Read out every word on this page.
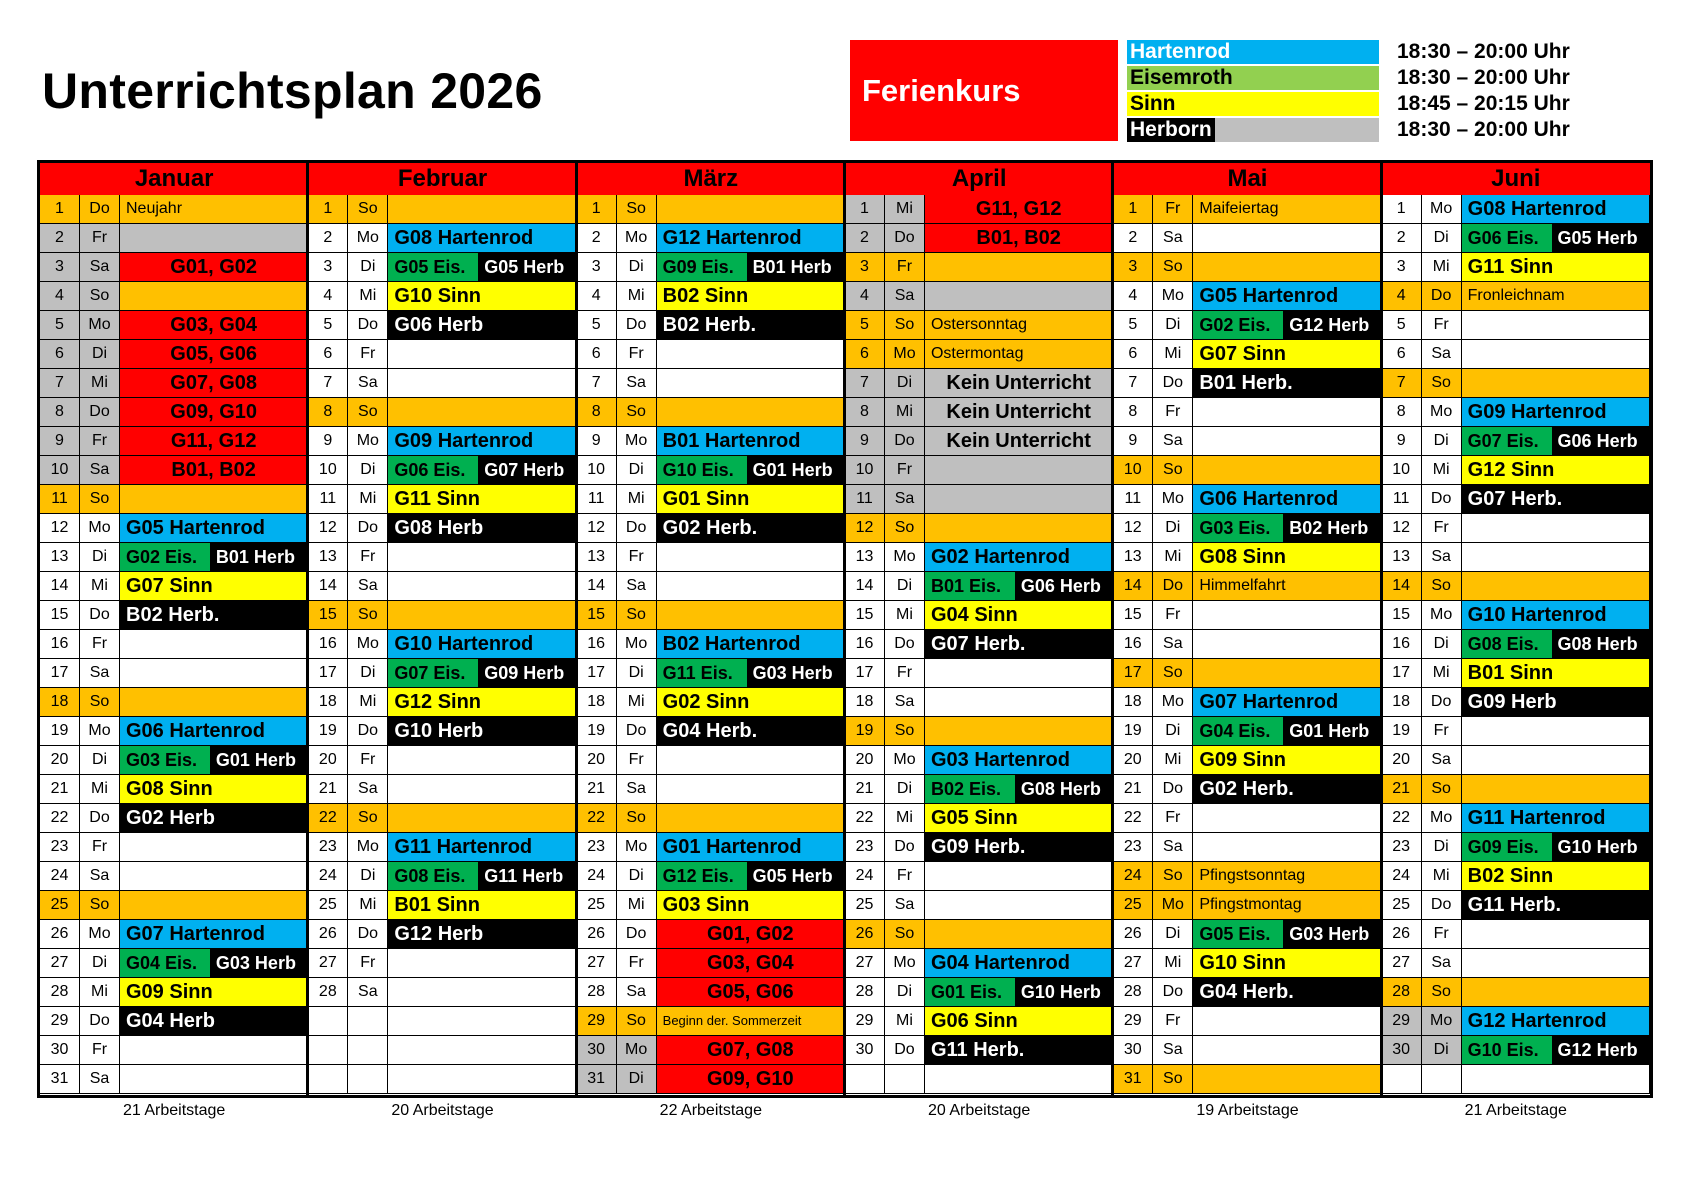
Unterrichtsplan 2026	Ferienkurs
Hartenrod	18:30 – 20:00 Uhr
Eisemroth	18:30 – 20:00 Uhr
Sinn	18:45 – 20:15 Uhr
Herborn	18:30 – 20:00 Uhr
Januar
1	Do	Neujahr
2	Fr
3	Sa	G01, G02
4	So
5	Mo	G03, G04
6	Di	G05, G06
7	Mi	G07, G08
8	Do	G09, G10
9	Fr	G11, G12
10	Sa	B01, B02
11	So
12	Mo G05 Hartenrod
13	Di	G02 Eis.	B01 Herb
14	Mi G07 Sinn
15	Do B02 Herb.
16	Fr
17	Sa
18	So
19	Mo G06 Hartenrod
20	Di	G03 Eis.	G01 Herb
21	Mi G08 Sinn
22	Do G02 Herb
23	Fr
24	Sa
25	So
26	Mo G07 Hartenrod
27	Di	G04 Eis.	G03 Herb
28	Mi G09 Sinn
29	Do G04 Herb
30	Fr
31	Sa
Februar
1	So
2	Mo G08 Hartenrod
3	Di	G05 Eis.	G05 Herb
4	Mi G10 Sinn
5	Do G06 Herb
6	Fr
7	Sa
8	So
9	Mo G09 Hartenrod
10	Di	G06 Eis.	G07 Herb
11	Mi G11 Sinn
12	Do G08 Herb
13	Fr
14	Sa
15	So
16	Mo G10 Hartenrod
17	Di	G07 Eis.	G09 Herb
18	Mi G12 Sinn
19	Do G10 Herb
20	Fr
21	Sa
22	So
23	Mo G11 Hartenrod
24	Di	G08 Eis.	G11 Herb
25	Mi B01 Sinn
26	Do G12 Herb
27	Fr
28	Sa
März
1	So
2	Mo G12 Hartenrod
3	Di	G09 Eis.	B01 Herb
4	Mi B02 Sinn
5	Do B02 Herb.
6	Fr
7	Sa
8	So
9	Mo B01 Hartenrod
10	Di	G10 Eis.	G01 Herb
11	Mi G01 Sinn
12	Do G02 Herb.
13	Fr
14	Sa
15	So
16	Mo B02 Hartenrod
17	Di	G11 Eis.	G03 Herb
18	Mi G02 Sinn
19	Do G04 Herb.
20	Fr
21	Sa
22	So
23	Mo G01 Hartenrod
24	Di	G12 Eis.	G05 Herb
25	Mi G03 Sinn
26	Do	G01, G02
27	Fr	G03, G04
28	Sa	G05, G06
29	So	Beginn der. Sommerzeit
30	Mo	G07, G08
31	Di	G09, G10
April
1	Mi	G11, G12
2	Do	B01, B02
3	Fr
4	Sa
5	So	Ostersonntag
6	Mo Ostermontag
7	Di	Kein Unterricht
8	Mi	Kein Unterricht
9	Do	Kein Unterricht
10	Fr
11	Sa
12	So
13	Mo G02 Hartenrod
14	Di	B01 Eis.	G06 Herb
15	Mi G04 Sinn
16	Do G07 Herb.
17	Fr
18	Sa
19	So
20	Mo G03 Hartenrod
21	Di	B02 Eis.	G08 Herb
22	Mi G05 Sinn
23	Do G09 Herb.
24	Fr
25	Sa
26	So
27	Mo G04 Hartenrod
28	Di	G01 Eis.	G10 Herb
29	Mi G06 Sinn
30	Do G11 Herb.
Mai
1	Fr	Maifeiertag
2	Sa
3	So
4	Mo G05 Hartenrod
5	Di	G02 Eis.	G12 Herb
6	Mi G07 Sinn
7	Do B01 Herb.
8	Fr
9	Sa
10	So
11	Mo G06 Hartenrod
12	Di	G03 Eis.	B02 Herb
13	Mi G08 Sinn
14	Do	Himmelfahrt
15	Fr
16	Sa
17	So
18	Mo G07 Hartenrod
19	Di	G04 Eis.	G01 Herb
20	Mi G09 Sinn
21	Do G02 Herb.
22	Fr
23	Sa
24	So	Pfingstsonntag
25	Mo Pfingstmontag
26	Di	G05 Eis.	G03 Herb
27	Mi G10 Sinn
28	Do G04 Herb.
29	Fr
30	Sa
31	So
Juni
1	Mo G08 Hartenrod
2	Di	G06 Eis.	G05 Herb
3	Mi G11 Sinn
4	Do	Fronleichnam
5	Fr
6	Sa
7	So
8	Mo G09 Hartenrod
9	Di	G07 Eis.	G06 Herb
10	Mi G12 Sinn
11	Do G07 Herb.
12	Fr
13	Sa
14	So
15	Mo G10 Hartenrod
16	Di	G08 Eis.	G08 Herb
17	Mi B01 Sinn
18	Do G09 Herb
19	Fr
20	Sa
21	So
22	Mo G11 Hartenrod
23	Di	G09 Eis.	G10 Herb
24	Mi B02 Sinn
25	Do G11 Herb.
26	Fr
27	Sa
28	So
29	Mo G12 Hartenrod
30	Di	G10 Eis.	G12 Herb
21 Arbeitstage	20 Arbeitstage	22 Arbeitstage	20 Arbeitstage	19 Arbeitstage	21 Arbeitstage
